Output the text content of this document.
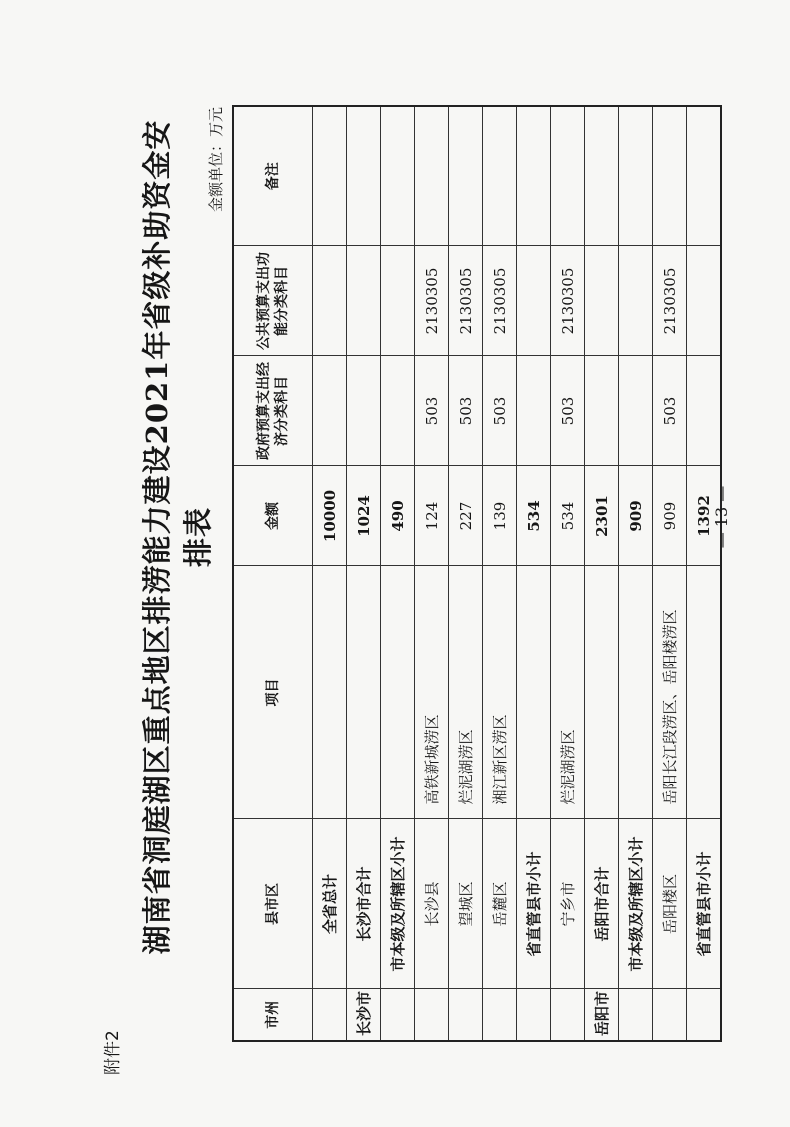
附件2
湖南省洞庭湖区重点地区排涝能力建设2021年省级补助资金安排表
金额单位：万元
市州	县市区	项目	金额	政府预算支出经济分类科目	公共预算支出功能分类科目	备注
	全省总计		10000			
长沙市	长沙市合计		1024			
	市本级及所辖区小计		490			
	长沙县	高铁新城涝区	124	503	2130305	
	望城区	烂泥湖涝区	227	503	2130305	
	岳麓区	湘江新区涝区	139	503	2130305	
	省直管县市小计		534			
	宁乡市	烂泥湖涝区	534	503	2130305	
岳阳市	岳阳市合计		2301			
	市本级及所辖区小计		909			
	岳阳楼区	岳阳长江段涝区、岳阳楼涝区	909	503	2130305	
	省直管县市小计		1392			— 13 —
